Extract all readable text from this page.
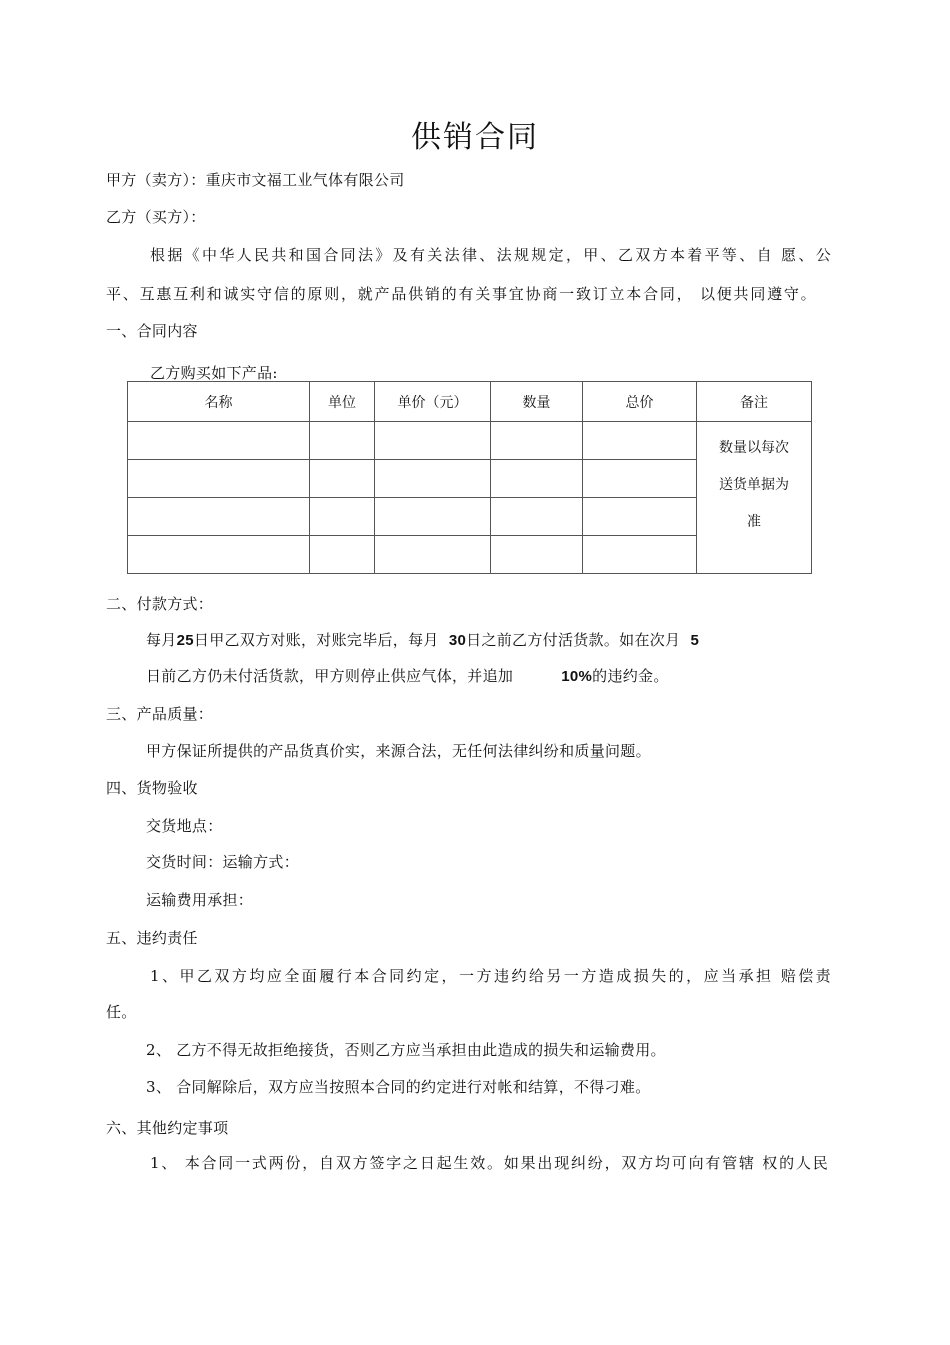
供销合同
甲方（卖方）：重庆市文福工业气体有限公司
乙方（买方）：
根据《中华人民共和国合同法》及有关法律、法规规定，甲、乙双方本着平等、自 愿、公
平、互惠互利和诚实守信的原则，就产品供销的有关事宜协商一致订立本合同， 以便共同遵守。
一、合同内容
乙方购买如下产品:
名称	单位	单价（元）	数量	总价	备注

					数量以每次
送货单据为
准

二、付款方式：
每月25日甲乙双方对账，对账完毕后，每月 30日之前乙方付活货款。如在次月 5
日前乙方仍未付活货款，甲方则停止供应气体，并追加	10%的违约金。
三、产品质量：
甲方保证所提供的产品货真价实，来源合法，无任何法律纠纷和质量问题。
四、货物验收
交货地点：
交货时间：运输方式：
运输费用承担：
五、违约责任
1、甲乙双方均应全面履行本合同约定，一方违约给另一方造成损失的，应当承担 赔偿责
任。
2、 乙方不得无故拒绝接货，否则乙方应当承担由此造成的损失和运输费用。
3、 合同解除后，双方应当按照本合同的约定进行对帐和结算，不得刁难。
六、其他约定事项
1、 本合同一式两份，自双方签字之日起生效。如果出现纠纷，双方均可向有管辖 权的人民
